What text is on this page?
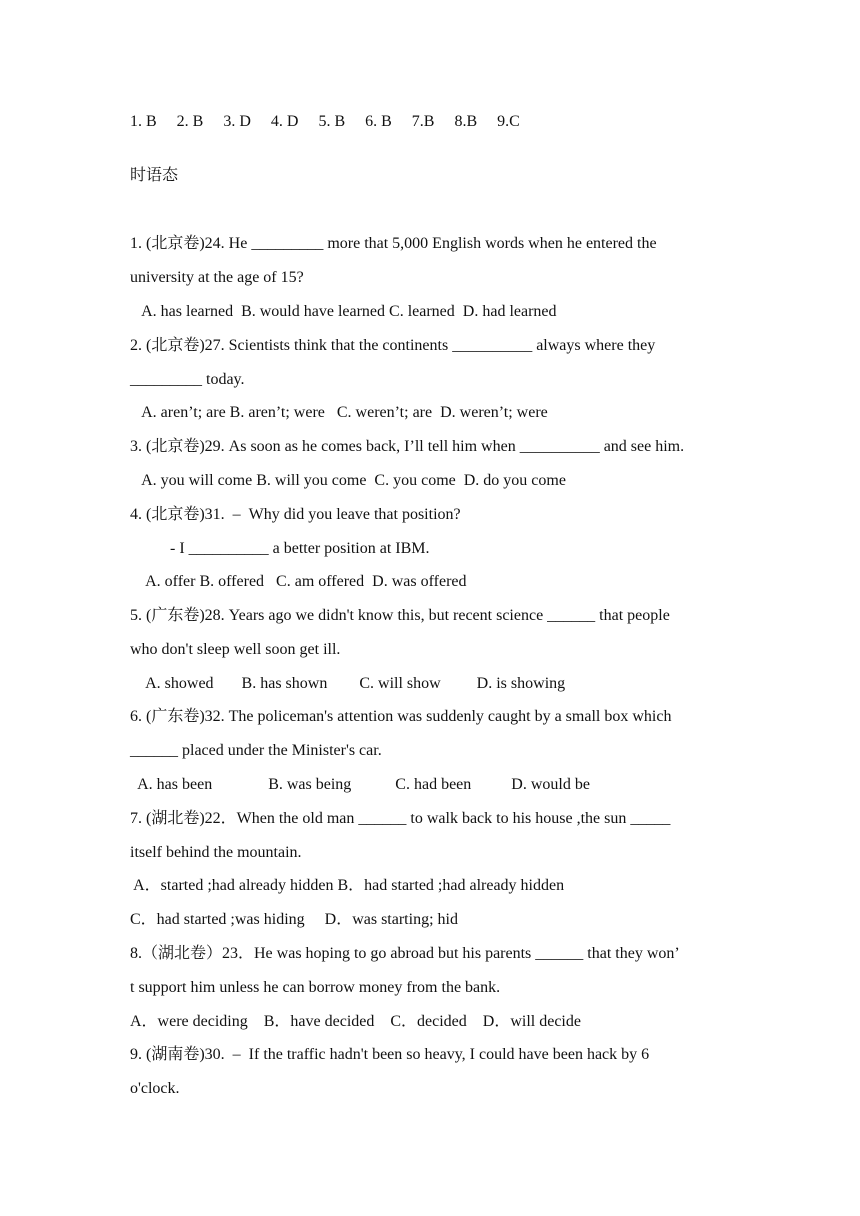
1. B     2. B     3. D     4. D     5. B     6. B     7.B     8.B     9.C
时语态
1. (北京卷)24. He _________ more that 5,000 English words when he entered the
university at the age of 15?
A. has learned  B. would have learned C. learned  D. had learned
2. (北京卷)27. Scientists think that the continents __________ always where they
_________ today.
A. aren’t; are B. aren’t; were   C. weren’t; are  D. weren’t; were
3. (北京卷)29. As soon as he comes back, I’ll tell him when __________ and see him.
A. you will come B. will you come  C. you come  D. do you come
4. (北京卷)31.  –  Why did you leave that position?
- I __________ a better position at IBM.
A. offer B. offered   C. am offered  D. was offered
5. (广东卷)28. Years ago we didn't know this, but recent science ______ that people
who don't sleep well soon get ill.
A. showed       B. has shown        C. will show         D. is showing
6. (广东卷)32. The policeman's attention was suddenly caught by a small box which
______ placed under the Minister's car.
A. has been              B. was being           C. had been          D. would be
7. (湖北卷)22．When the old man ______ to walk back to his house ,the sun _____
itself behind the mountain.
A．started ;had already hidden B．had started ;had already hidden
C．had started ;was hiding     D．was starting; hid
8.（湖北卷）23．He was hoping to go abroad but his parents ______ that they won’
t support him unless he can borrow money from the bank.
A．were deciding    B．have decided    C．decided    D．will decide
9. (湖南卷)30.  –  If the traffic hadn't been so heavy, I could have been hack by 6
o'clock.
